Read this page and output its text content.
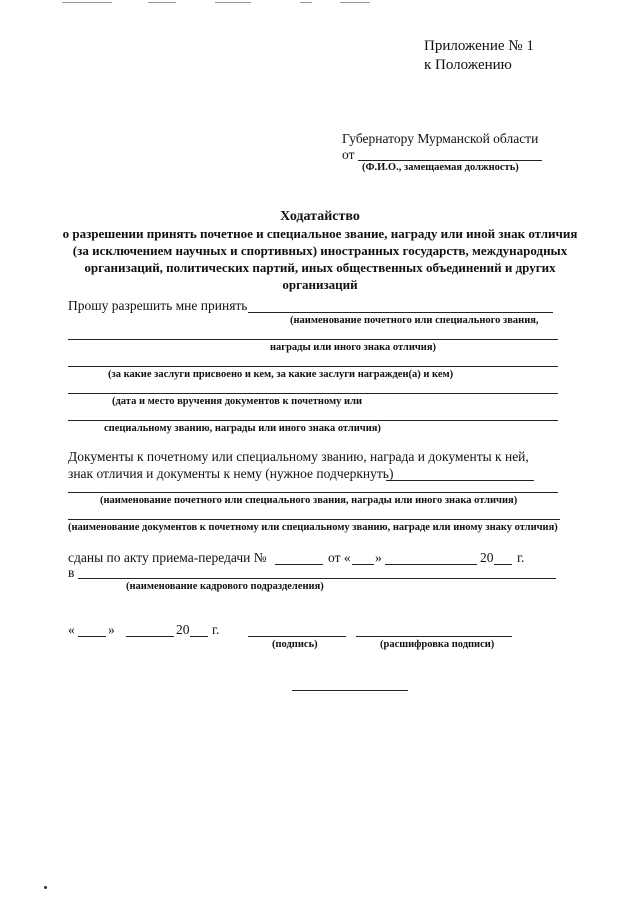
Приложение № 1
к Положению
Губернатору Мурманской области
от
(Ф.И.О., замещаемая должность)
Ходатайство
о разрешении принять почетное и специальное звание, награду или иной знак отличия
(за исключением научных и спортивных) иностранных государств, международных
организаций, политических партий, иных общественных объединений и других
организаций
Прошу разрешить мне принять
(наименование почетного или специального звания,
награды или иного знака отличия)
(за какие заслуги присвоено и кем, за какие заслуги награжден(а) и кем)
(дата и место вручения документов к почетному или
специальному званию, награды или иного знака отличия)
Документы к почетному или специальному званию, награда и документы к ней,
знак отличия и документы к нему (нужное подчеркнуть)
(наименование почетного или специального звания, награды или иного знака отличия)
(наименование документов к почетному или специальному званию, награде или иному знаку отличия)
сданы по акту приема-передачи №	от « »	20 г.
в
(наименование кадрового подразделения)
« »	20 г.
(подпись)	(расшифровка подписи)
